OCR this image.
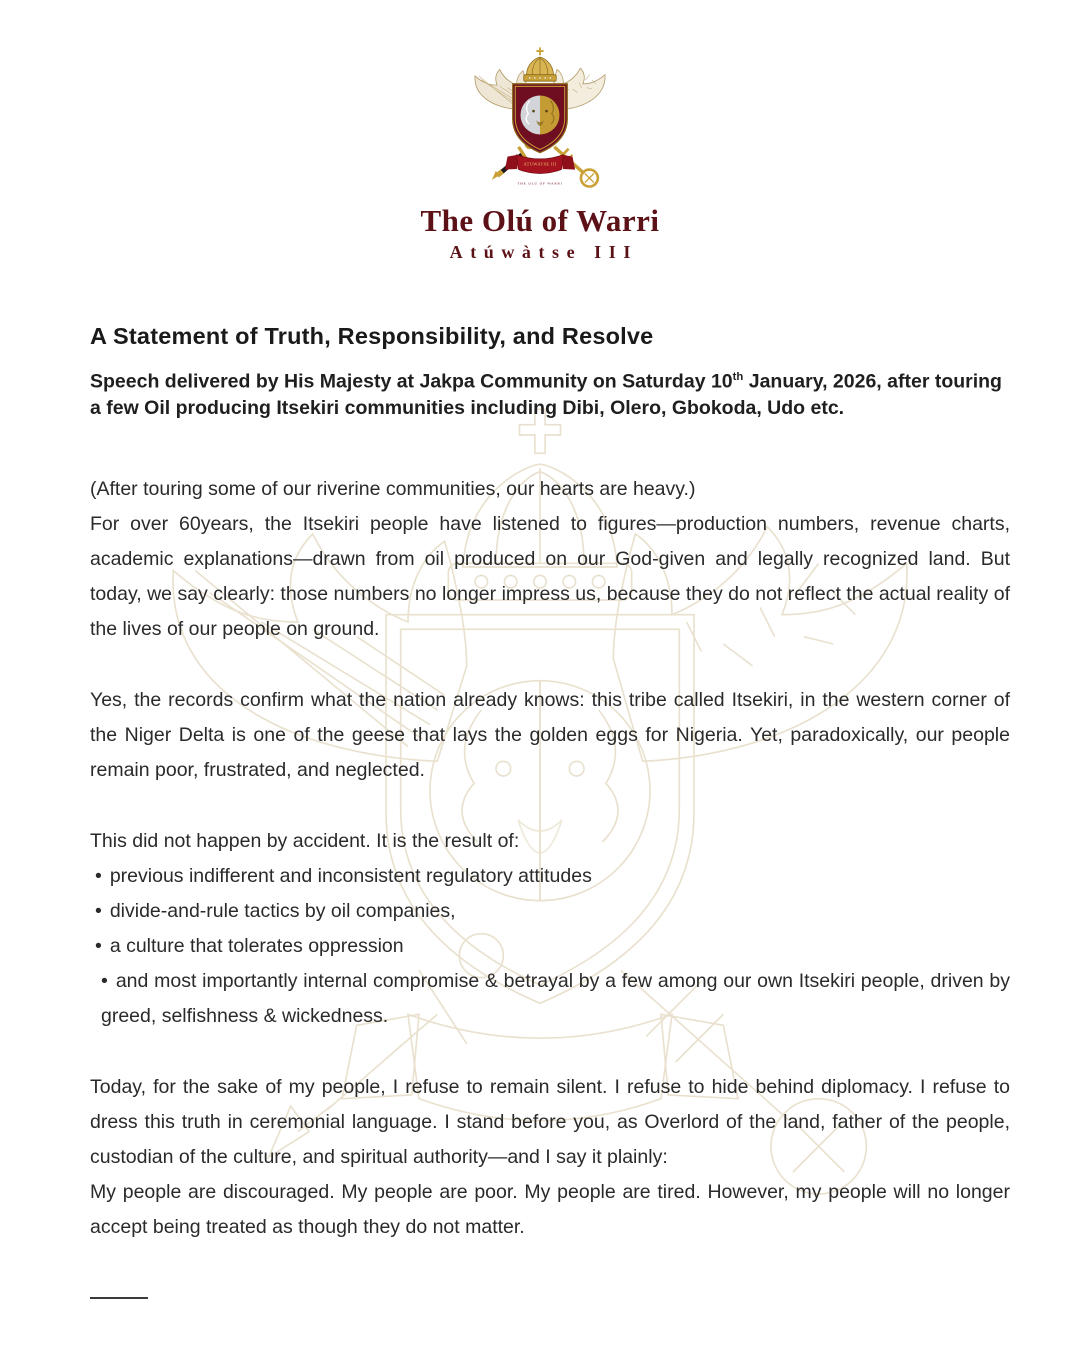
ATUWATSE III
THE OLU OF WARRI
The Olú of Warri
Atúwàtse III
A Statement of Truth, Responsibility, and Resolve

Speech delivered by His Majesty at Jakpa Community on Saturday 10th January, 2026, after touring a few Oil producing Itsekiri communities including Dibi, Olero, Gbokoda, Udo etc.

(After touring some of our riverine communities, our hearts are heavy.)

For over 60years, the Itsekiri people have listened to figures—production numbers, revenue charts, academic explanations—drawn from oil produced on our God-given and legally recognized land. But today, we say clearly: those numbers no longer impress us, because they do not reflect the actual reality of the lives of our people on ground.

Yes, the records confirm what the nation already knows: this tribe called Itsekiri, in the western corner of the Niger Delta is one of the geese that lays the golden eggs for Nigeria. Yet, paradoxically, our people remain poor, frustrated, and neglected.

This did not happen by accident. It is the result of:

• previous indifferent and inconsistent regulatory attitudes
• divide-and-rule tactics by oil companies,
• a culture that tolerates oppression
• and most importantly internal compromise & betrayal by a few among our own Itsekiri people, driven by greed, selfishness & wickedness.

Today, for the sake of my people, I refuse to remain silent. I refuse to hide behind diplomacy. I refuse to dress this truth in ceremonial language. I stand before you, as Overlord of the land, father of the people, custodian of the culture, and spiritual authority—and I say it plainly:

My people are discouraged. My people are poor. My people are tired. However, my people will no longer accept being treated as though they do not matter.
